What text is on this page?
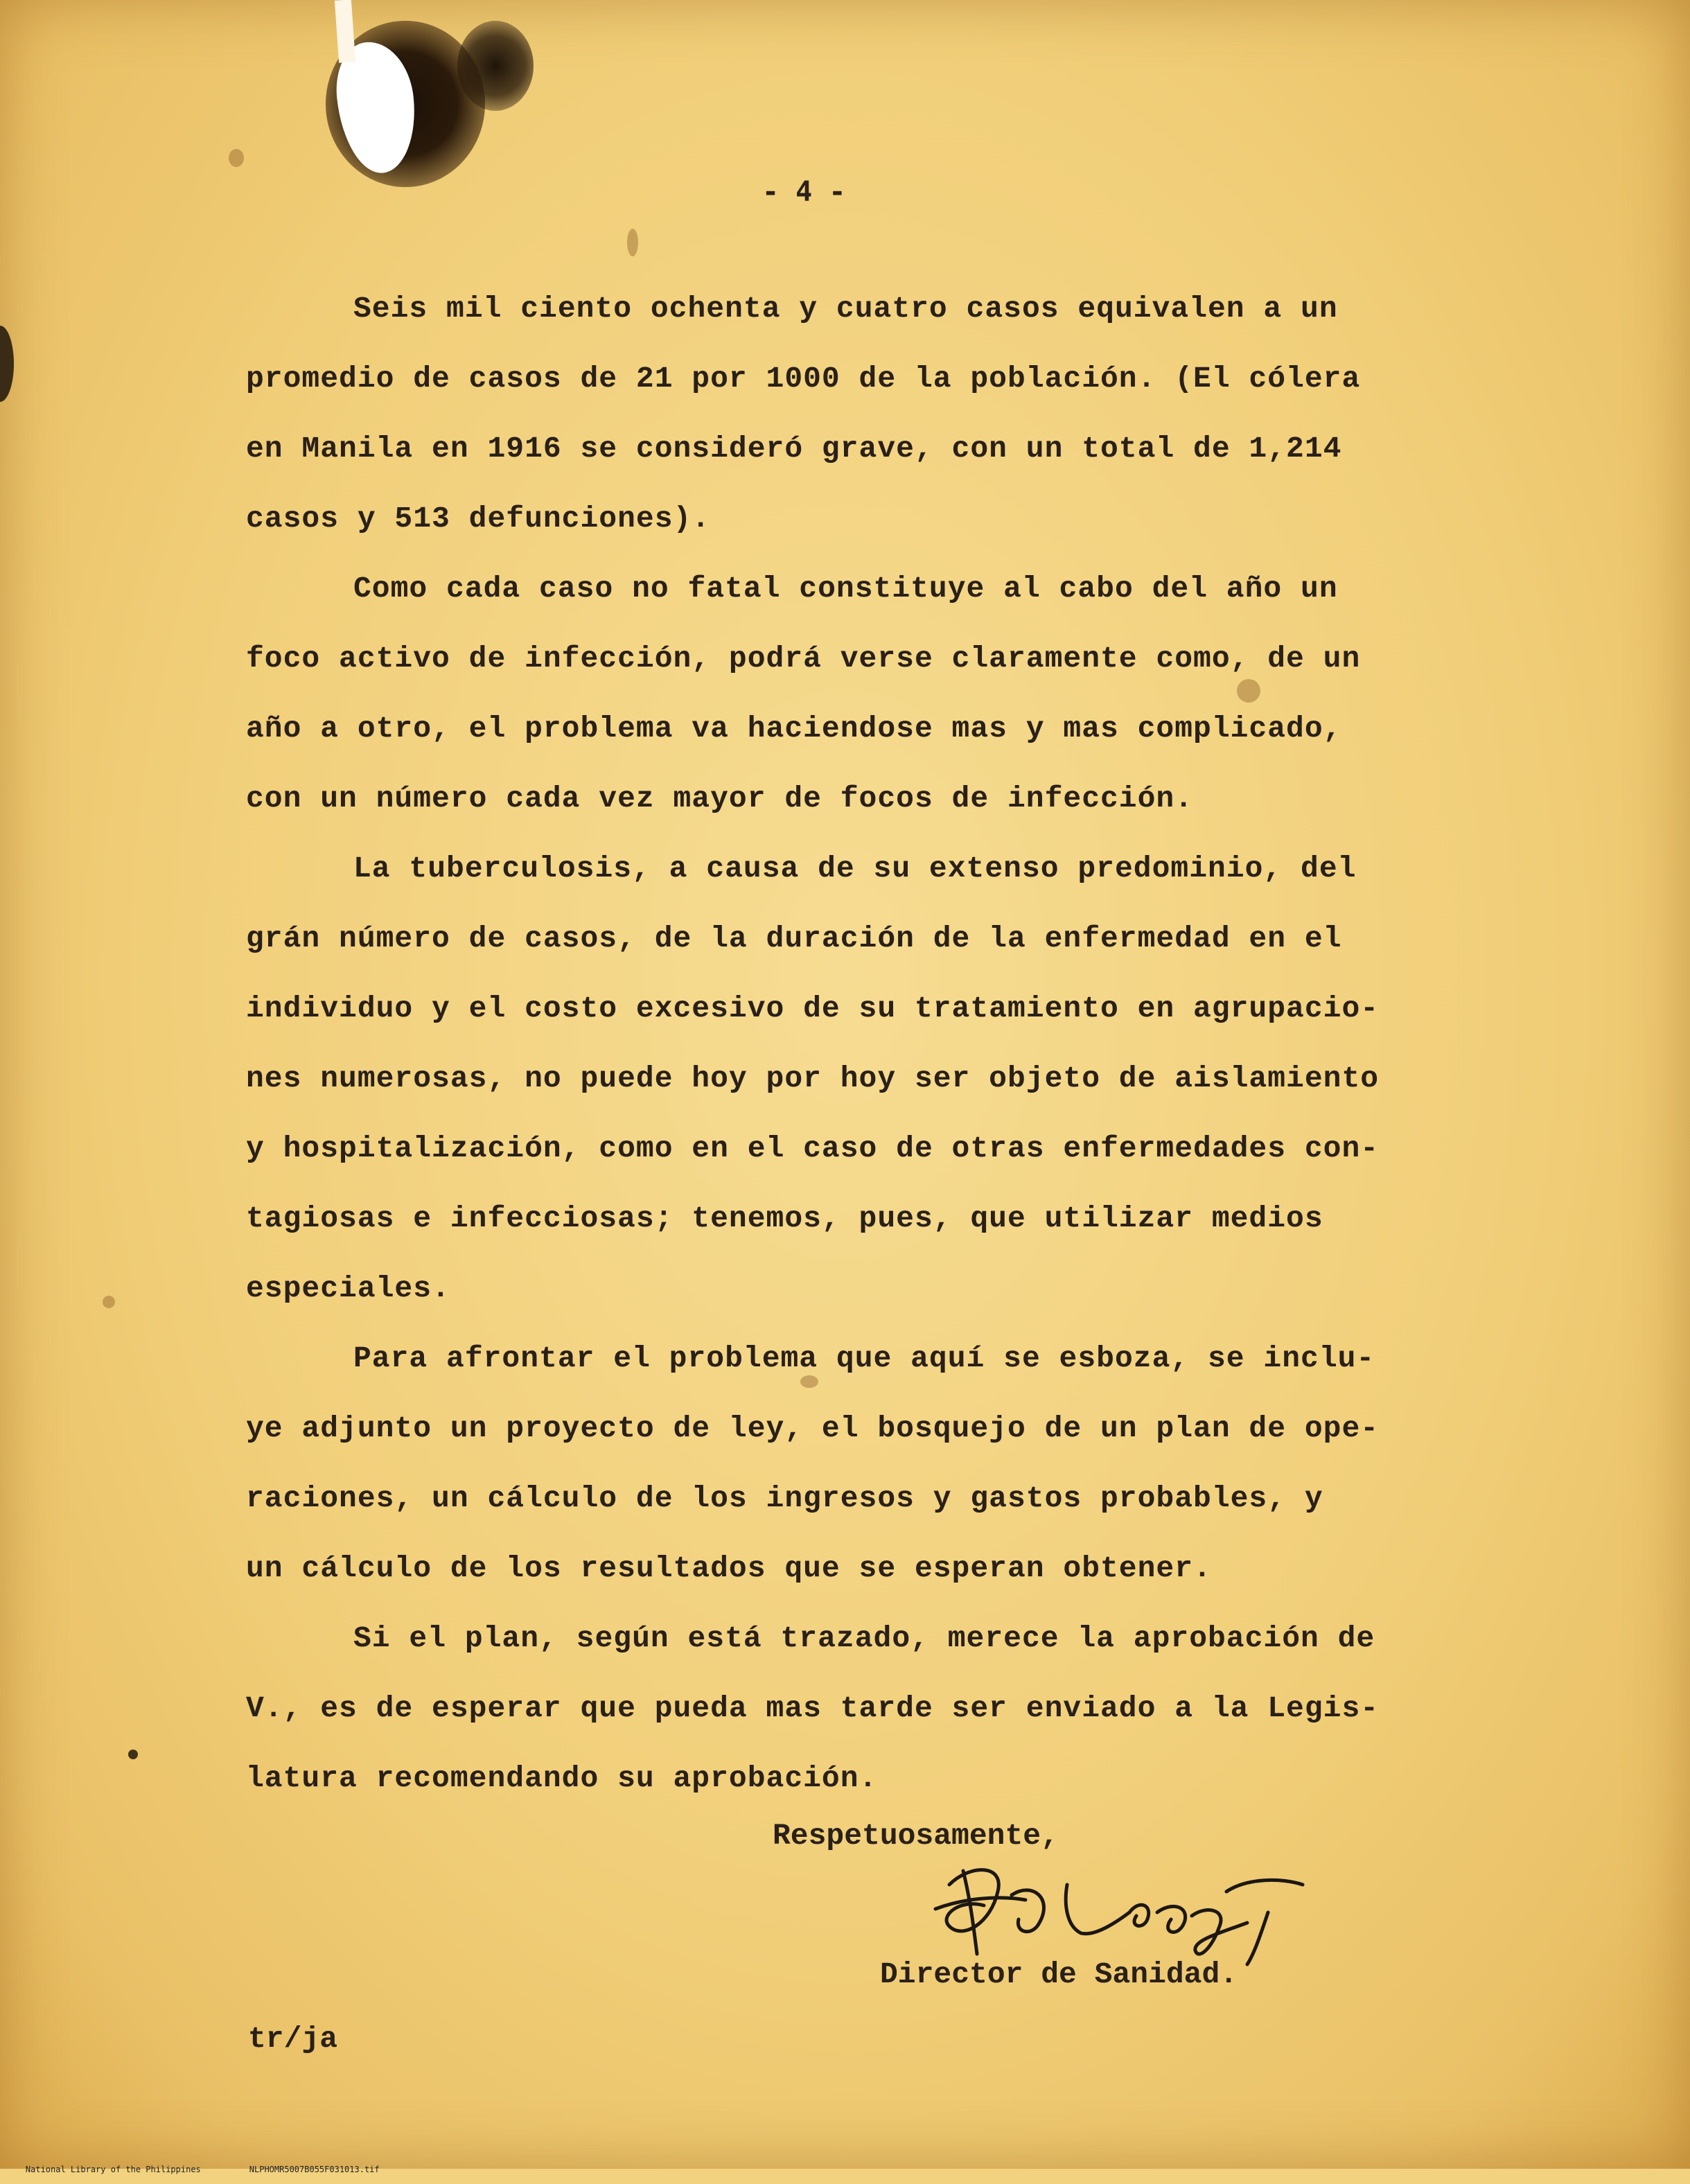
- 4 -
Seis mil ciento ochenta y cuatro casos equivalen a un
promedio de casos de 21 por 1000 de la población. (El cólera
en Manila en 1916 se consideró grave, con un total de 1,214
casos y 513 defunciones).
Como cada caso no fatal constituye al cabo del año un
foco activo de infección, podrá verse claramente como, de un
año a otro, el problema va haciendose mas y mas complicado,
con un número cada vez mayor de focos de infección.
La tuberculosis, a causa de su extenso predominio, del
grán número de casos, de la duración de la enfermedad en el
individuo y el costo excesivo de su tratamiento en agrupacio-
nes numerosas, no puede hoy por hoy ser objeto de aislamiento
y hospitalización, como en el caso de otras enfermedades con-
tagiosas e infecciosas; tenemos, pues, que utilizar medios
especiales.
Para afrontar el problema que aquí se esboza, se inclu-
ye adjunto un proyecto de ley, el bosquejo de un plan de ope-
raciones, un cálculo de los ingresos y gastos probables, y
un cálculo de los resultados que se esperan obtener.
Si el plan, según está trazado, merece la aprobación de
V., es de esperar que pueda mas tarde ser enviado a la Legis-
latura recomendando su aprobación.
Respetuosamente,
Director de Sanidad.
tr/ja

National Library of the Philippines	NLPHOMR5007B055F031013.tif
